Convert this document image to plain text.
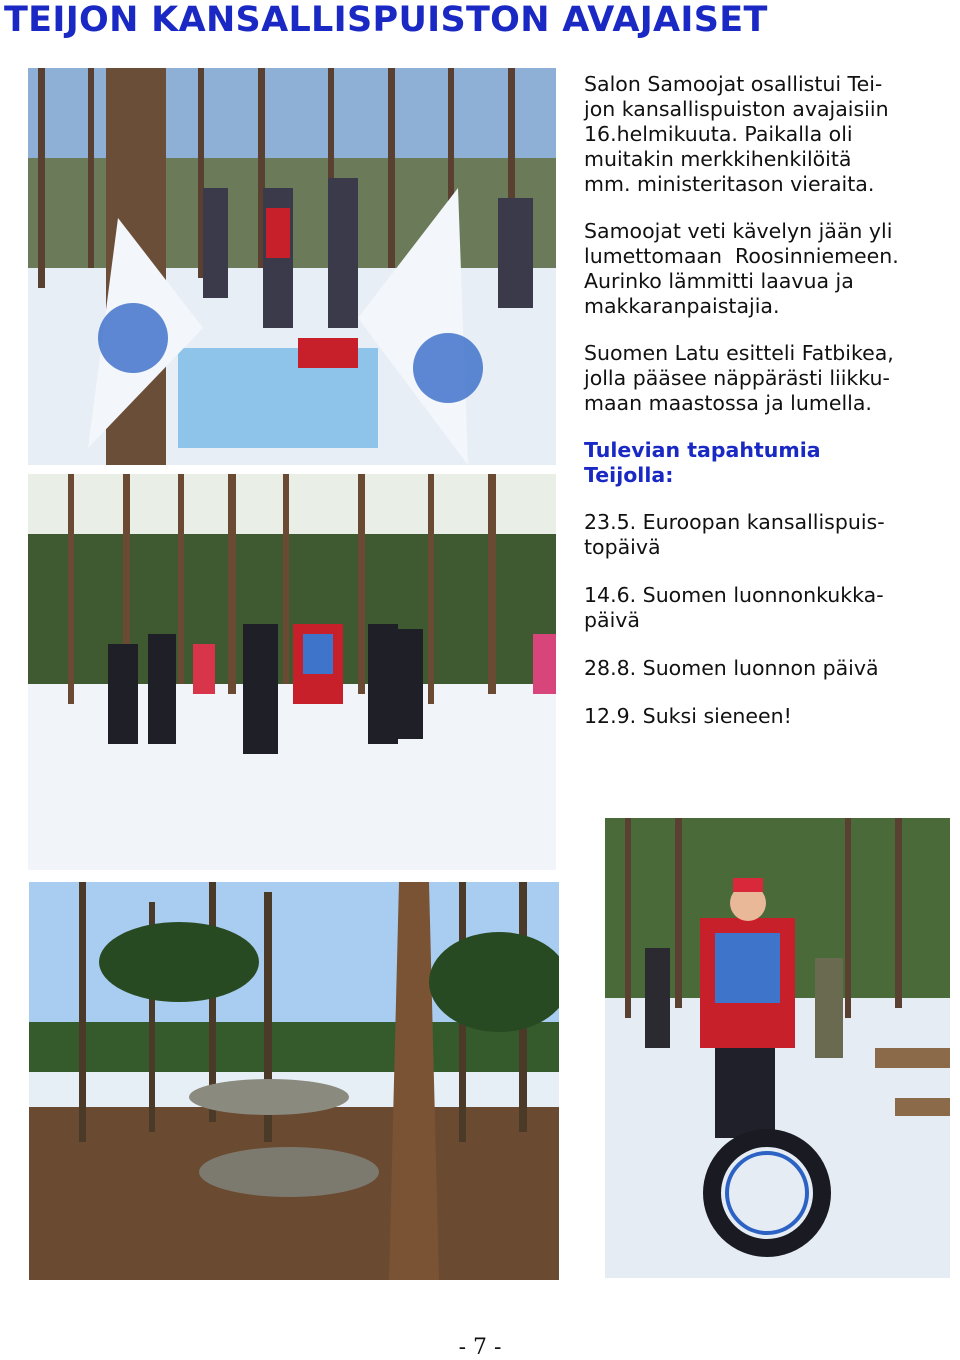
TEIJON KANSALLISPUISTON AVAJAISET

Salon Samoojat osallistui Tei-
jon kansallispuiston avajaisiin
16.helmikuuta. Paikalla oli
muitakin merkkihenkilöitä
mm. ministeritason vieraita.

Samoojat veti kävelyn jään yli
lumettomaan  Roosinniemeen.
Aurinko lämmitti laavua ja
makkaranpaistajia.

Suomen Latu esitteli Fatbikea,
jolla pääsee näppärästi liikku-
maan maastossa ja lumella.

Tulevian tapahtumia
Teijolla:

23.5. Euroopan kansallispuis-
topäivä

14.6. Suomen luonnonkukka-
päivä

28.8. Suomen luonnon päivä

12.9. Suksi sieneen!

- 7 -
